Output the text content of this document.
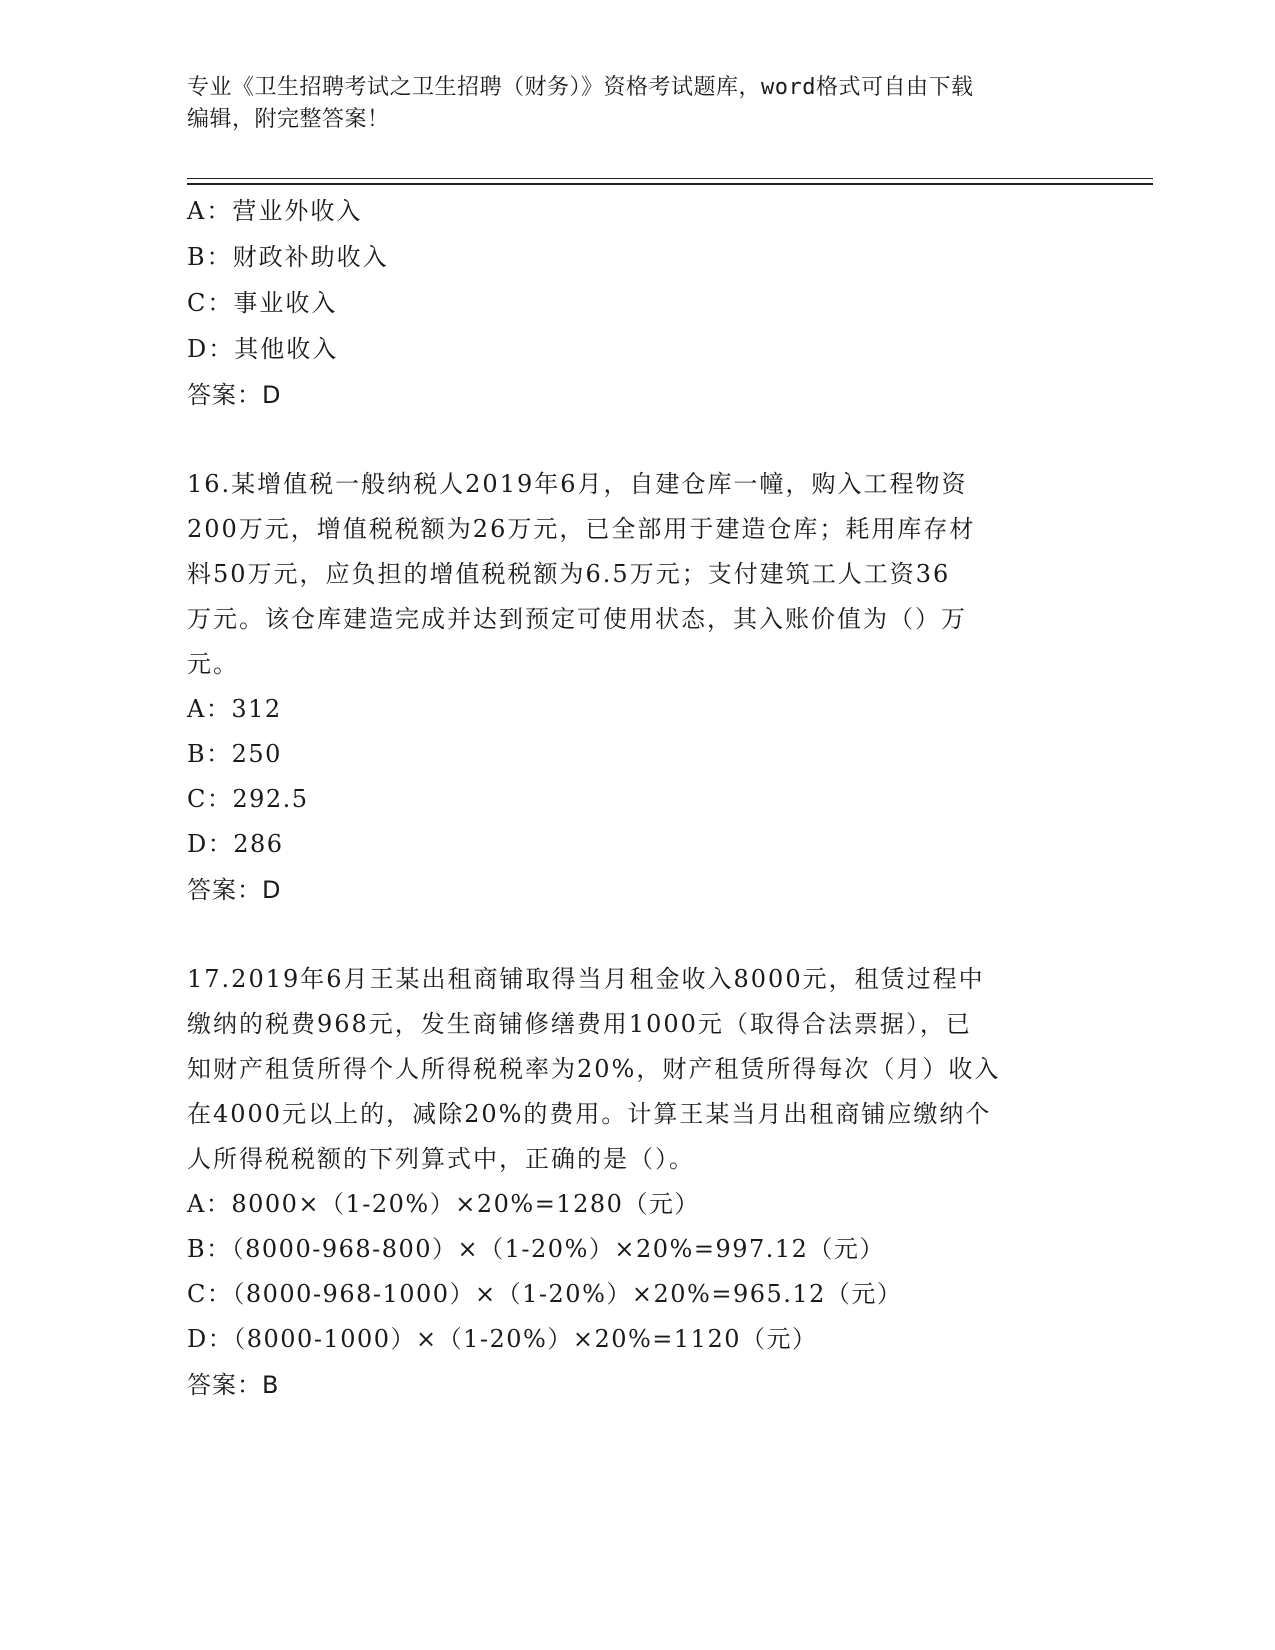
专业《卫生招聘考试之卫生招聘（财务）》资格考试题库，word格式可自由下载
编辑，附完整答案！
A：营业外收入
B：财政补助收入
C：事业收入
D：其他收入
答案：D
16.某增值税一般纳税人2019年6月，自建仓库一幢，购入工程物资
200万元，增值税税额为26万元，已全部用于建造仓库；耗用库存材
料50万元，应负担的增值税税额为6.5万元；支付建筑工人工资36
万元。该仓库建造完成并达到预定可使用状态，其入账价值为（）万
元。
A：312
B：250
C：292.5
D：286
答案：D
17.2019年6月王某出租商铺取得当月租金收入8000元，租赁过程中
缴纳的税费968元，发生商铺修缮费用1000元（取得合法票据），已
知财产租赁所得个人所得税税率为20%，财产租赁所得每次（月）收入
在4000元以上的，减除20%的费用。计算王某当月出租商铺应缴纳个
人所得税税额的下列算式中，正确的是（）。
A：8000×（1-20%）×20%=1280（元）
B：（8000-968-800）×（1-20%）×20%=997.12（元）
C：（8000-968-1000）×（1-20%）×20%=965.12（元）
D：（8000-1000）×（1-20%）×20%=1120（元）
答案：B
